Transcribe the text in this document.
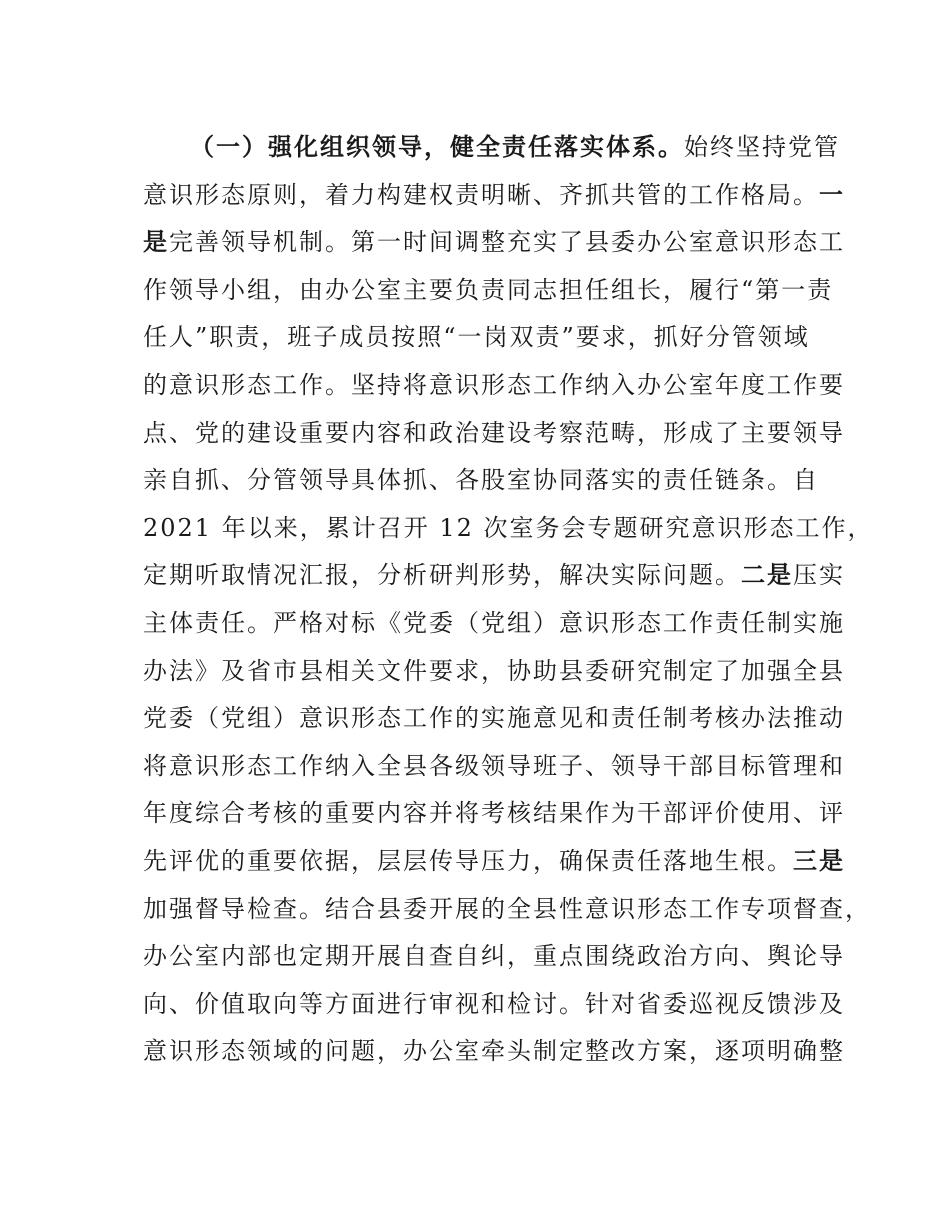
（一）强化组织领导，健全责任落实体系。始终坚持党管
意识形态原则，着力构建权责明晰、齐抓共管的工作格局。一
是完善领导机制。第一时间调整充实了县委办公室意识形态工
作领导小组，由办公室主要负责同志担任组长，履行“第一责
任人”职责，班子成员按照“一岗双责”要求，抓好分管领域
的意识形态工作。坚持将意识形态工作纳入办公室年度工作要
点、党的建设重要内容和政治建设考察范畴，形成了主要领导
亲自抓、分管领导具体抓、各股室协同落实的责任链条。自
2021 年以来，累计召开 12 次室务会专题研究意识形态工作，
定期听取情况汇报，分析研判形势，解决实际问题。二是压实
主体责任。严格对标《党委（党组）意识形态工作责任制实施
办法》及省市县相关文件要求，协助县委研究制定了加强全县
党委（党组）意识形态工作的实施意见和责任制考核办法推动
将意识形态工作纳入全县各级领导班子、领导干部目标管理和
年度综合考核的重要内容并将考核结果作为干部评价使用、评
先评优的重要依据，层层传导压力，确保责任落地生根。三是
加强督导检查。结合县委开展的全县性意识形态工作专项督查，
办公室内部也定期开展自查自纠，重点围绕政治方向、舆论导
向、价值取向等方面进行审视和检讨。针对省委巡视反馈涉及
意识形态领域的问题，办公室牵头制定整改方案，逐项明确整
